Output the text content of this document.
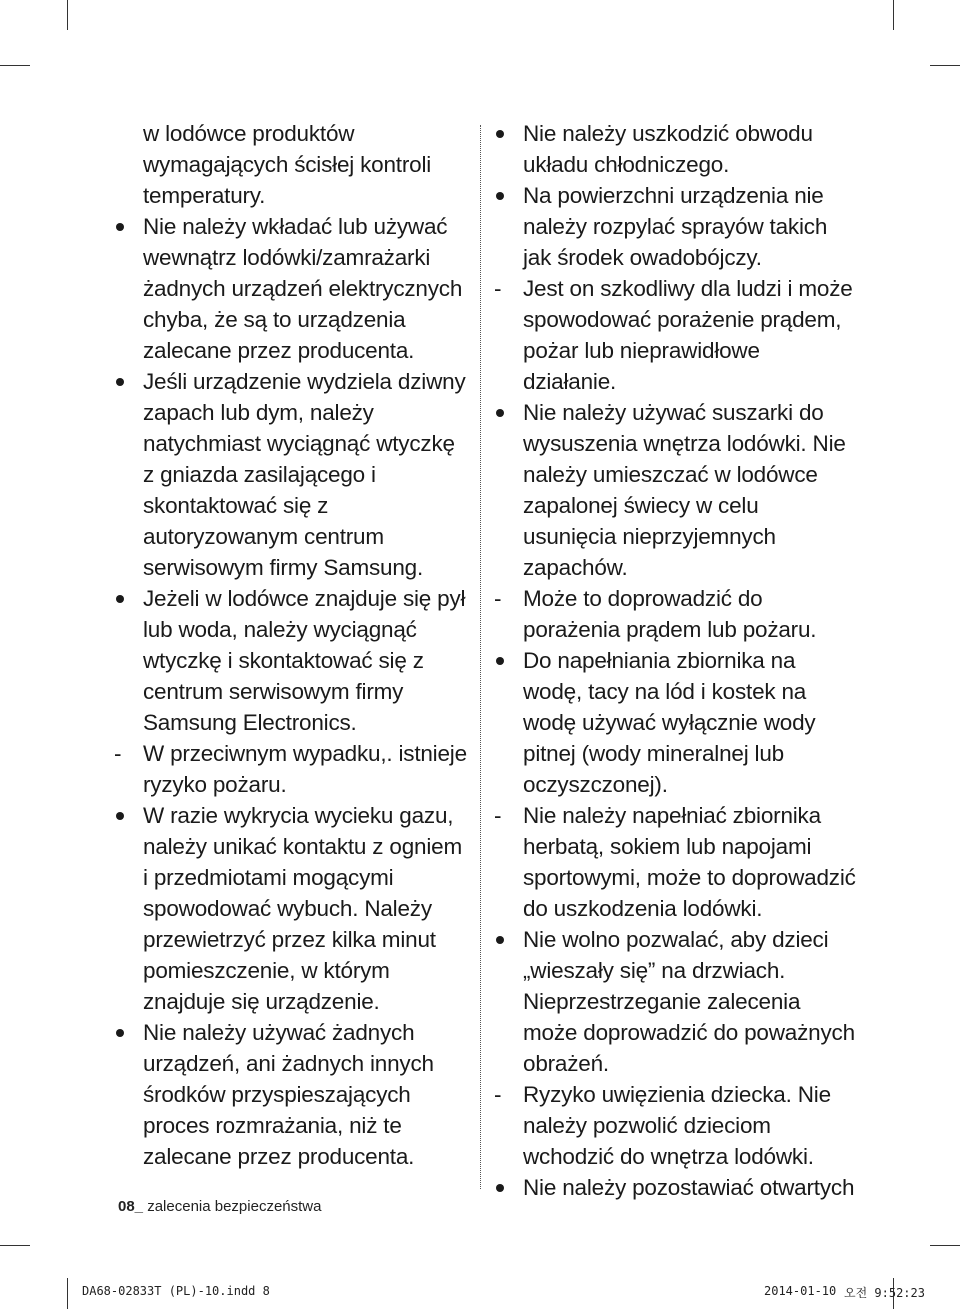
w lodówce produktów wymagających ścisłej kontroli temperatury.
Nie należy wkładać lub używać wewnątrz lodówki/zamrażarki żadnych urządzeń elektrycznych chyba, że są to urządzenia zalecane przez producenta.
Jeśli urządzenie wydziela dziwny zapach lub dym, należy natychmiast wyciągnąć wtyczkę z gniazda zasilającego i skontaktować się z autoryzowanym centrum serwisowym firmy Samsung.
Jeżeli w lodówce znajduje się pył lub woda, należy wyciągnąć wtyczkę i skontaktować się z centrum serwisowym firmy Samsung Electronics.
W przeciwnym wypadku,. istnieje ryzyko pożaru.
W razie wykrycia wycieku gazu, należy unikać kontaktu z ogniem i przedmiotami mogącymi spowodować wybuch. Należy przewietrzyć przez kilka minut pomieszczenie, w którym znajduje się urządzenie.
Nie należy używać żadnych urządzeń, ani żadnych innych środków przyspieszających proces rozmrażania, niż te zalecane przez producenta.
Nie należy uszkodzić obwodu układu chłodniczego.
Na powierzchni urządzenia nie należy rozpylać sprayów takich jak środek owadobójczy.
Jest on szkodliwy dla ludzi i może spowodować porażenie prądem, pożar lub nieprawidłowe działanie.
Nie należy używać suszarki do wysuszenia wnętrza lodówki. Nie należy umieszczać w lodówce zapalonej świecy w celu usunięcia nieprzyjemnych zapachów.
Może to doprowadzić do porażenia prądem lub pożaru.
Do napełniania zbiornika na wodę, tacy na lód i kostek na wodę używać wyłącznie wody pitnej (wody mineralnej lub oczyszczonej).
Nie należy napełniać zbiornika herbatą, sokiem lub napojami sportowymi, może to doprowadzić do uszkodzenia lodówki.
Nie wolno pozwalać, aby dzieci „wieszały się” na drzwiach. Nieprzestrzeganie zalecenia może doprowadzić do poważnych obrażeń.
Ryzyko uwięzienia dziecka. Nie należy pozwolić dzieciom wchodzić do wnętrza lodówki.
Nie należy pozostawiać otwartych
08_ zalecenia bezpieczeństwa
DA68-02833T (PL)-10.indd 8	2014-01-10 오전 9:52:23
